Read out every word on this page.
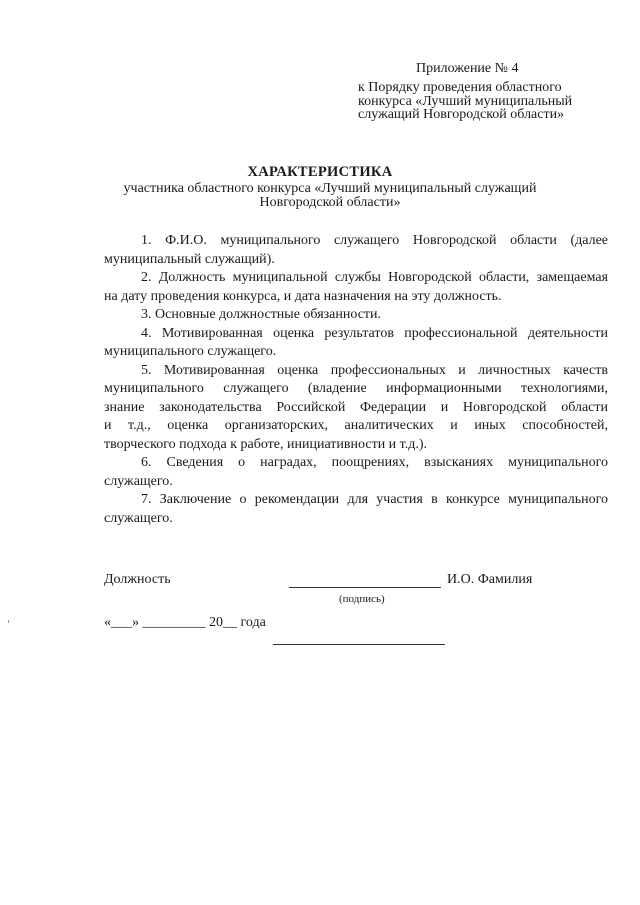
Приложение № 4
к Порядку проведения областного
конкурса «Лучший муниципальный
служащий Новгородской области»
ХАРАКТЕРИСТИКА
участника областного конкурса «Лучший муниципальный служащий
Новгородской области»

1. Ф.И.О. муниципального служащего Новгородской области (далее
муниципальный служащий).

2. Должность муниципальной службы Новгородской области, замещаемая
на дату проведения конкурса, и дата назначения на эту должность.

3. Основные должностные обязанности.

4. Мотивированная оценка результатов профессиональной деятельности
муниципального служащего.

5. Мотивированная оценка профессиональных и личностных качеств
муниципального служащего (владение информационными технологиями,
знание законодательства Российской Федерации и Новгородской области
и т.д., оценка организаторских, аналитических и иных способностей,
творческого подхода к работе, инициативности и т.д.).

6. Сведения о наградах, поощрениях, взысканиях муниципального
служащего.

7. Заключение о рекомендации для участия в конкурсе муниципального
служащего.

Должность	И.О. Фамилия
(подпись)
«___» _________ 20__ года
